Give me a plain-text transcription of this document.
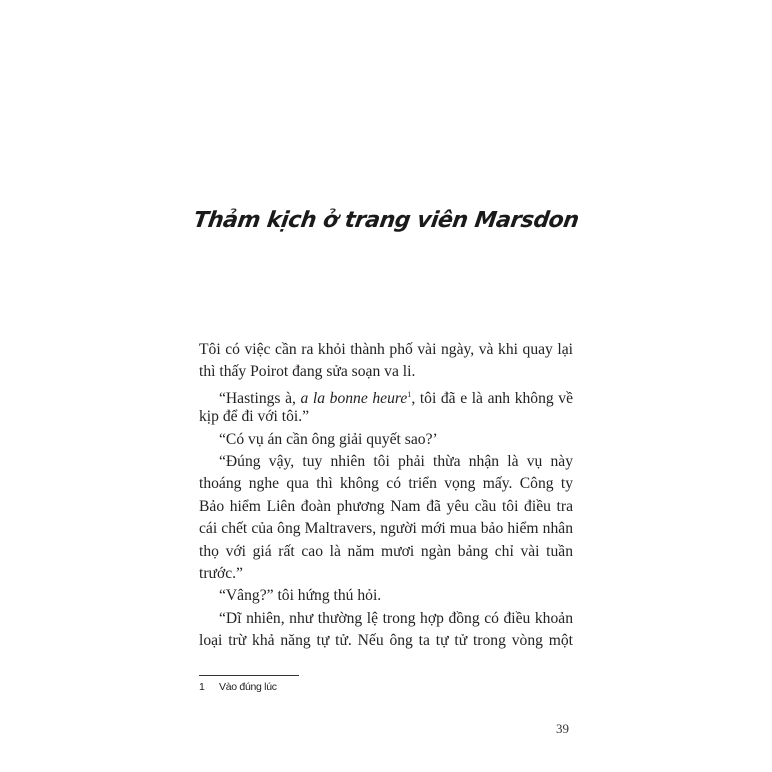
Thảm kịch ở trang viên Marsdon
Tôi có việc cần ra khỏi thành phố vài ngày, và khi quay lại
thì thấy Poirot đang sửa soạn va li.
“Hastings à, a la bonne heure$^1$, tôi đã e là anh không về
kịp để đi với tôi.”
“Có vụ án cần ông giải quyết sao?’
“Đúng vậy, tuy nhiên tôi phải thừa nhận là vụ này
thoáng nghe qua thì không có triển vọng mấy. Công ty
Bảo hiểm Liên đoàn phương Nam đã yêu cầu tôi điều tra
cái chết của ông Maltravers, người mới mua bảo hiểm nhân
thọ với giá rất cao là năm mươi ngàn bảng chỉ vài tuần
trước.”
“Vâng?” tôi hứng thú hỏi.
“Dĩ nhiên, như thường lệ trong hợp đồng có điều khoản
loại trừ khả năng tự tử. Nếu ông ta tự tử trong vòng một
1 Vào đúng lúc
39
